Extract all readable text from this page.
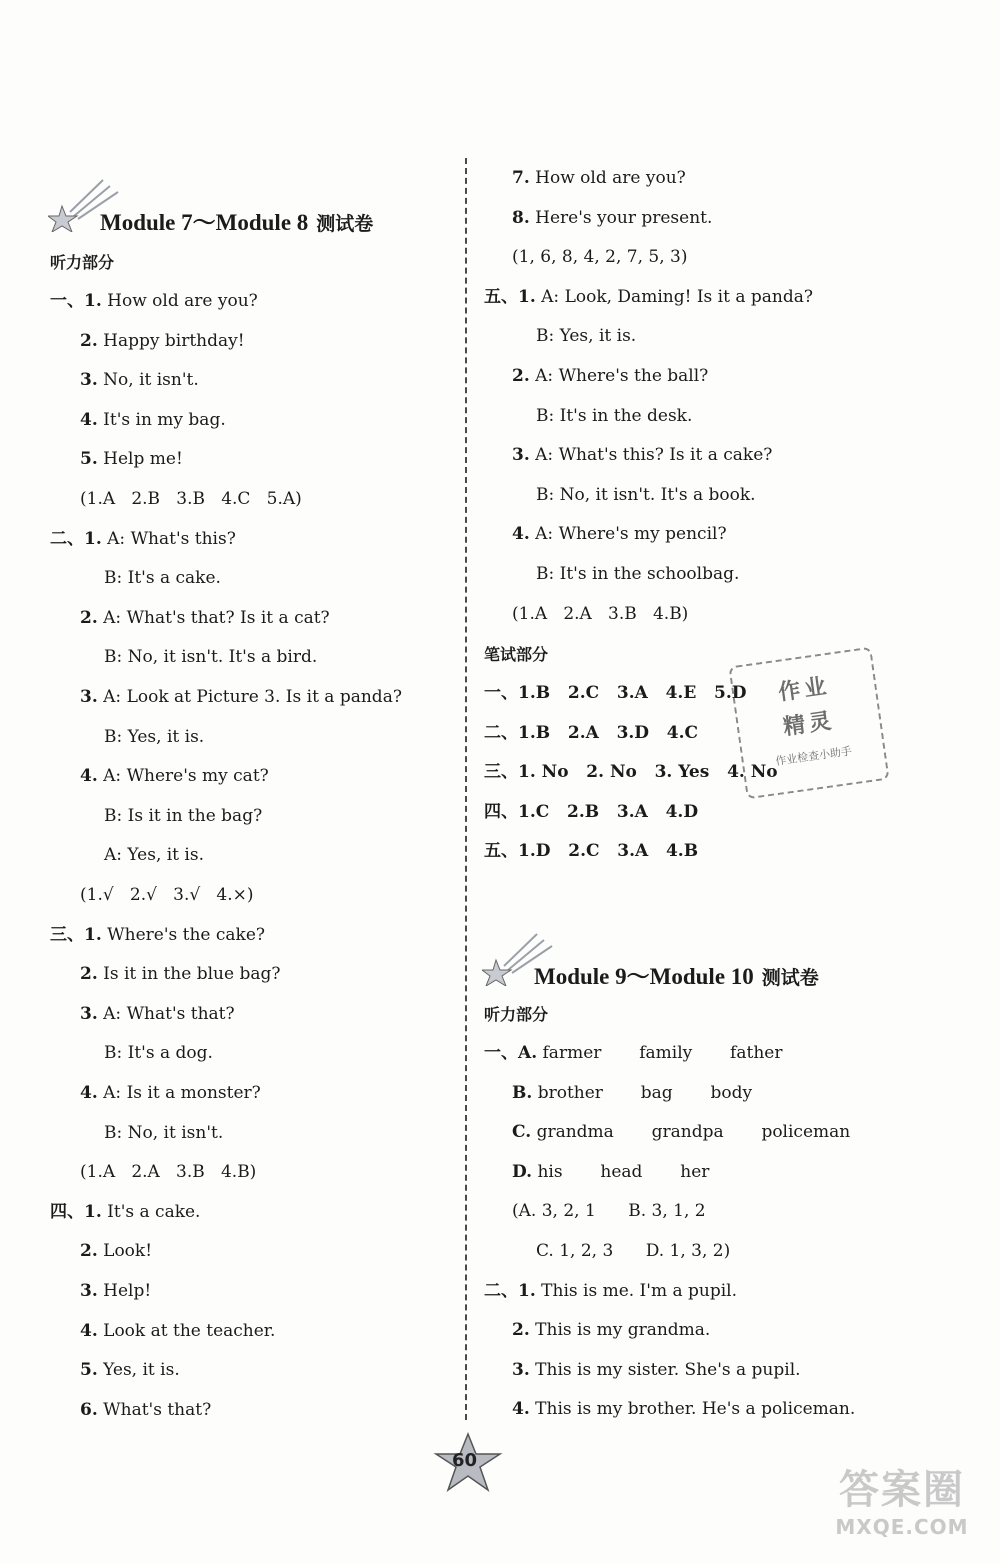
Module 7～Module 8 测试卷
听力部分
一、1. How old are you?
2. Happy birthday!
3. No, it isn't.
4. It's in my bag.
5. Help me!
(1.A   2.B   3.B   4.C   5.A)
二、1. A: What's this?
B: It's a cake.
2. A: What's that? Is it a cat?
B: No, it isn't. It's a bird.
3. A: Look at Picture 3. Is it a panda?
B: Yes, it is.
4. A: Where's my cat?
B: Is it in the bag?
A: Yes, it is.
(1.√   2.√   3.√   4.×)
三、1. Where's the cake?
2. Is it in the blue bag?
3. A: What's that?
B: It's a dog.
4. A: Is it a monster?
B: No, it isn't.
(1.A   2.A   3.B   4.B)
四、1. It's a cake.
2. Look!
3. Help!
4. Look at the teacher.
5. Yes, it is.
6. What's that?
7. How old are you?
8. Here's your present.
(1, 6, 8, 4, 2, 7, 5, 3)
五、1. A: Look, Daming! Is it a panda?
B: Yes, it is.
2. A: Where's the ball?
B: It's in the desk.
3. A: What's this? Is it a cake?
B: No, it isn't. It's a book.
4. A: Where's my pencil?
B: It's in the schoolbag.
(1.A   2.A   3.B   4.B)
笔试部分
一、1.B   2.C   3.A   4.E   5.D
二、1.B   2.A   3.D   4.C
三、1. No   2. No   3. Yes   4. No
四、1.C   2.B   3.A   4.D
五、1.D   2.C   3.A   4.B
Module 9～Module 10 测试卷
听力部分
一、A. farmer       family       father
B. brother       bag       body
C. grandma       grandpa       policeman
D. his       head       her
(A. 3, 2, 1      B. 3, 1, 2
C. 1, 2, 3      D. 1, 3, 2)
二、1. This is me. I'm a pupil.
2. This is my grandma.
3. This is my sister. She's a pupil.
4. This is my brother. He's a policeman.
作业
精灵
作业检查小助手
60
答案圈
MXQE.COM
